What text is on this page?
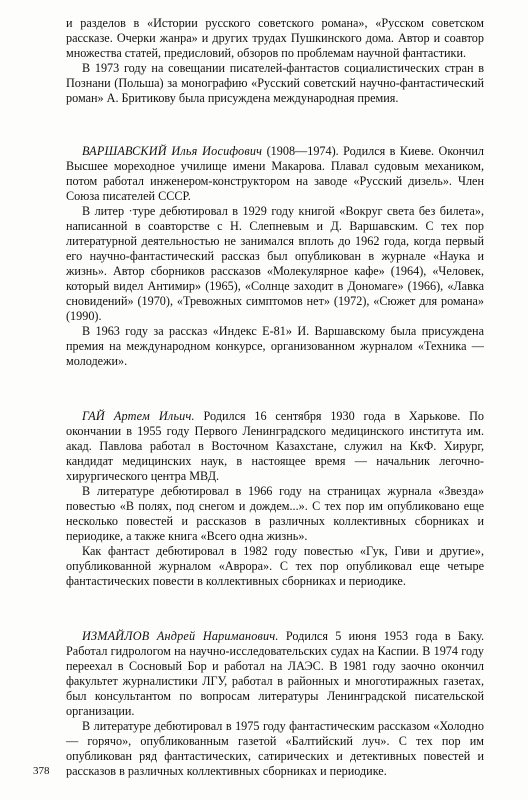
и разделов в «Истории русского советского романа», «Русском советском рассказе. Очерки жанра» и других трудах Пушкинского дома. Автор и соавтор множества статей, предисловий, обзоров по проблемам научной фантастики.

В 1973 году на совещании писателей-фантастов социалистических стран в Познани (Польша) за монографию «Русский советский научно-фантастический роман» А. Бритикову была присуждена международная премия.

ВАРШАВСКИЙ Илья Иосифович (1908—1974). Родился в Киеве. Окончил Высшее мореходное училище имени Макарова. Плавал судовым механиком, потом работал инженером-конструктором на заводе «Русский дизель». Член Союза писателей СССР.

В литер ·туре дебютировал в 1929 году книгой «Вокруг света без билета», написанной в соавторстве с Н. Слепневым и Д. Варшавским. С тех пор литературной деятельностью не занимался вплоть до 1962 года, когда первый его научно-фантастический рассказ был опубликован в журнале «Наука и жизнь». Автор сборников рассказов «Молекулярное кафе» (1964), «Человек, который видел Антимир» (1965), «Солнце заходит в Дономаге» (1966), «Лавка сновидений» (1970), «Тревожных симптомов нет» (1972), «Сюжет для романа» (1990).

В 1963 году за рассказ «Индекс Е-81» И. Варшавскому была присуждена премия на международном конкурсе, организованном журналом «Техника — молодежи».

ГАЙ Артем Ильич. Родился 16 сентября 1930 года в Харькове. По окончании в 1955 году Первого Ленинградского медицинского института им. акад. Павлова работал в Восточном Казахстане, служил на КкФ. Хирург, кандидат медицинских наук, в настоящее время — начальник легочно-хирургического центра МВД.

В литературе дебютировал в 1966 году на страницах журнала «Звезда» повестью «В полях, под снегом и дождем...». С тех пор им опубликовано еще несколько повестей и рассказов в различных коллективных сборниках и периодике, а также книга «Всего одна жизнь».

Как фантаст дебютировал в 1982 году повестью «Гук, Гиви и другие», опубликованной журналом «Аврора». С тех пор опубликовал еще четыре фантастических повести в коллективных сборниках и периодике.

ИЗМАЙЛОВ Андрей Нариманович. Родился 5 июня 1953 года в Баку. Работал гидрологом на научно-исследовательских судах на Каспии. В 1974 году переехал в Сосновый Бор и работал на ЛАЭС. В 1981 году заочно окончил факультет журналистики ЛГУ, работал в районных и многотиражных газетах, был консультантом по вопросам литературы Ленинградской писательской организации.

В литературе дебютировал в 1975 году фантастическим рассказом «Холодно — горячо», опубликованным газетой «Балтийский луч». С тех пор им опубликован ряд фантастических, сатирических и детективных повестей и рассказов в различных коллективных сборниках и периодике.

378
